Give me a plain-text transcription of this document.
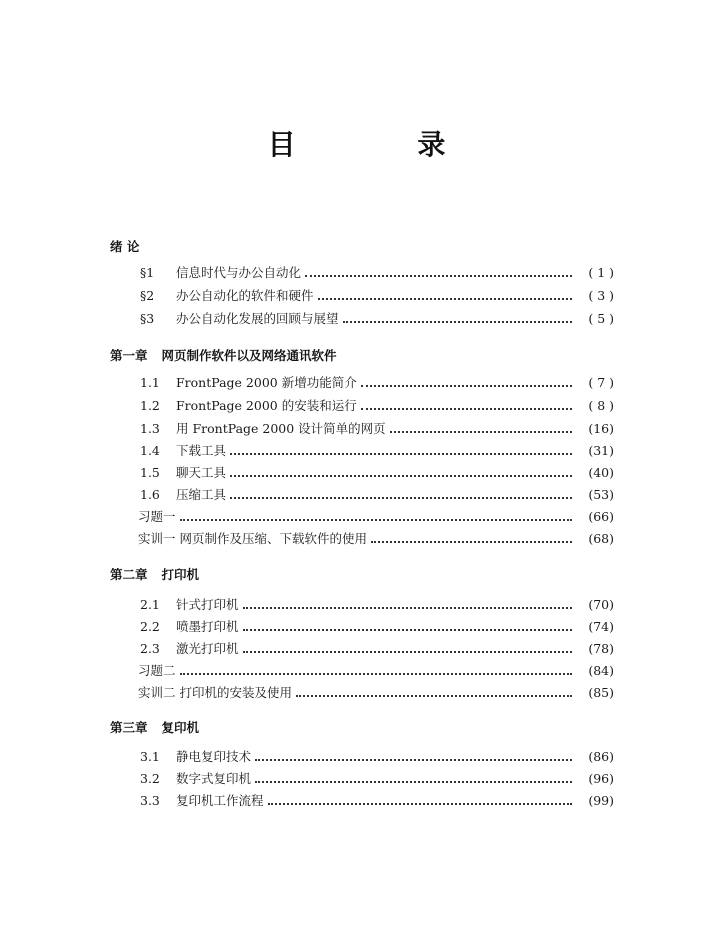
目 录
绪 论
§1	信息时代与办公自动化	( 1 )
§2	办公自动化的软件和硬件	( 3 )
§3	办公自动化发展的回顾与展望	( 5 )
第一章 网页制作软件以及网络通讯软件
1.1	FrontPage 2000 新增功能简介	( 7 )
1.2	FrontPage 2000 的安装和运行	( 8 )
1.3	用 FrontPage 2000 设计简单的网页	(16)
1.4	下载工具	(31)
1.5	聊天工具	(40)
1.6	压缩工具	(53)
习题一	(66)
实训一 网页制作及压缩、下载软件的使用	(68)
第二章 打印机
2.1	针式打印机	(70)
2.2	喷墨打印机	(74)
2.3	激光打印机	(78)
习题二	(84)
实训二 打印机的安装及使用	(85)
第三章 复印机
3.1	静电复印技术	(86)
3.2	数字式复印机	(96)
3.3	复印机工作流程	(99)
